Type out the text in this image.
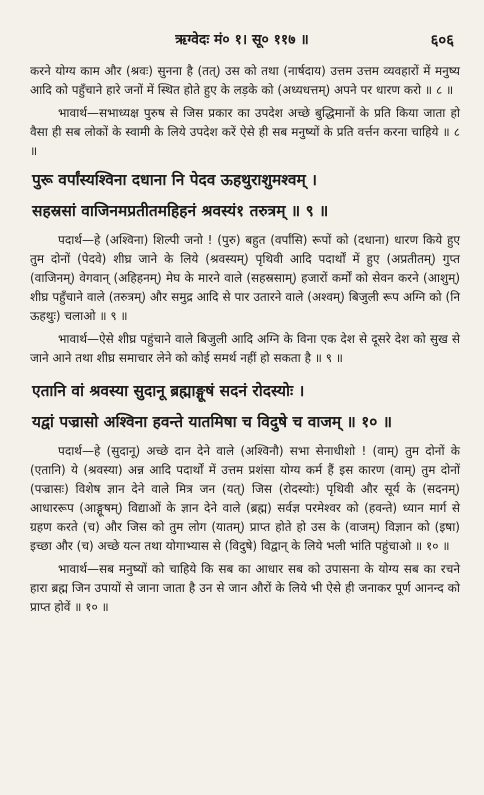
ऋग्वेदः मं० १। सू० ११७ ॥	६०६

करने योग्य काम और (श्रवः) सुनना है (तत्) उस को तथा (नार्षदाय) उत्तम उत्तम व्यवहारों में मनुष्य आदि को पहुँचाने हारे जनों में स्थित होते हुए के लड़के को (अध्यधत्तम्) अपने पर धारण करो ॥ ८ ॥

भावार्थ—सभाध्यक्ष पुरुष से जिस प्रकार का उपदेश अच्छे बुद्धिमानों के प्रति किया जाता हो वैसा ही सब लोकों के स्वामी के लिये उपदेश करें ऐसे ही सब मनुष्यों के प्रति वर्त्तन करना चाहिये ॥ ८ ॥

पुरू वर्पांस्यश्विना दधाना नि पेदव ऊहथुराशुमश्वम् ।

सहस्रसां वाजिनमप्रतीतमहिहनं श्रवस्यं१ तरुत्रम् ॥ ९ ॥

पदार्थ—हे (अश्विना) शिल्पी जनो ! (पुरु) बहुत (वर्पांसि) रूपों को (दधाना) धारण किये हुए तुम दोनों (पेदवे) शीघ्र जाने के लिये (श्रवस्यम्) पृथिवी आदि पदार्थों में हुए (अप्रतीतम्) गुप्त (वाजिनम्) वेगवान् (अहिहनम्) मेघ के मारने वाले (सहस्रसाम्) हजारों कर्मों को सेवन करने (आशुम्) शीघ्र पहुँचाने वाले (तरुत्रम्) और समुद्र आदि से पार उतारने वाले (अश्वम्) बिजुली रूप अग्नि को (नि ऊहथुः) चलाओ ॥ ९ ॥

भावार्थ—ऐसे शीघ्र पहुंचाने वाले बिजुली आदि अग्नि के विना एक देश से दूसरे देश को सुख से जाने आने तथा शीघ्र समाचार लेने को कोई समर्थ नहीं हो सकता है ॥ ९ ॥

एतानि वां श्रवस्या सुदानू ब्रह्माङ्गूषं सदनं रोदस्योः ।

यद्वां पज्रासो अश्विना हवन्ते यातमिषा च विदुषे च वाजम् ॥ १० ॥

पदार्थ—हे (सुदानू) अच्छे दान देने वाले (अश्विनौ) सभा सेनाधीशो ! (वाम्) तुम दोनों के (एतानि) ये (श्रवस्या) अन्न आदि पदार्थों में उत्तम प्रशंसा योग्य कर्म हैं इस कारण (वाम्) तुम दोनों (पज्रासः) विशेष ज्ञान देने वाले मित्र जन (यत्) जिस (रोदस्योः) पृथिवी और सूर्य के (सदनम्) आधाररूप (आङ्गूषम्) विद्याओं के ज्ञान देने वाले (ब्रह्म) सर्वज्ञ परमेश्वर को (हवन्ते) ध्यान मार्ग से ग्रहण करते (च) और जिस को तुम लोग (यातम्) प्राप्त होते हो उस के (वाजम्) विज्ञान को (इषा) इच्छा और (च) अच्छे यत्न तथा योगाभ्यास से (विदुषे) विद्वान् के लिये भली भांति पहुंचाओ ॥ १० ॥

भावार्थ—सब मनुष्यों को चाहिये कि सब का आधार सब को उपासना के योग्य सब का रचने हारा ब्रह्म जिन उपायों से जाना जाता है उन से जान औरों के लिये भी ऐसे ही जनाकर पूर्ण आनन्द को प्राप्त होवें ॥ १० ॥
